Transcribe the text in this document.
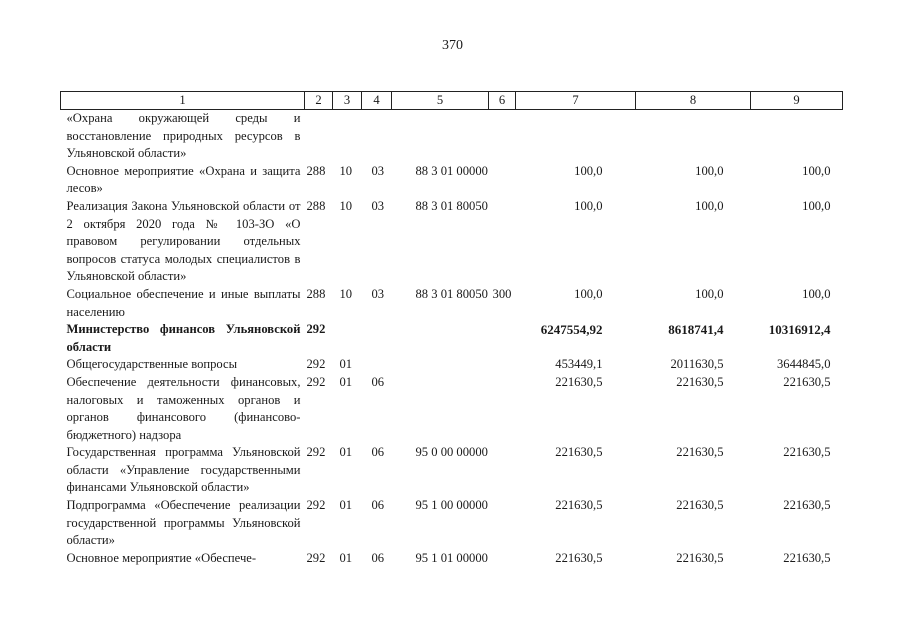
370
1	2	3	4	5	6	7	8	9
«Охрана окружающей среды и восстановление природных ресурсов в Ульяновской области»								
Основное мероприятие «Охрана и защита лесов»	288	10	03	88 3 01 00000		100,0	100,0	100,0
Реализация Закона Ульяновской области от 2 октября 2020 года № 103-ЗО «О правовом регулировании отдельных вопросов статуса молодых специалистов в Ульяновской области»	288	10	03	88 3 01 80050		100,0	100,0	100,0
Социальное обеспечение и иные выплаты населению	288	10	03	88 3 01 80050	300	100,0	100,0	100,0
Министерство финансов Ульяновской области	292					6247554,92	8618741,4	10316912,4
Общегосударственные вопросы	292	01				453449,1	2011630,5	3644845,0
Обеспечение деятельности финансовых, налоговых и таможенных органов и органов финансового (финансово-бюджетного) надзора	292	01	06			221630,5	221630,5	221630,5
Государственная программа Ульяновской области «Управление государственными финансами Ульяновской области»	292	01	06	95 0 00 00000		221630,5	221630,5	221630,5
Подпрограмма «Обеспечение реализации государственной программы Ульяновской области»	292	01	06	95 1 00 00000		221630,5	221630,5	221630,5
Основное мероприятие «Обеспече-	292	01	06	95 1 01 00000		221630,5	221630,5	221630,5
